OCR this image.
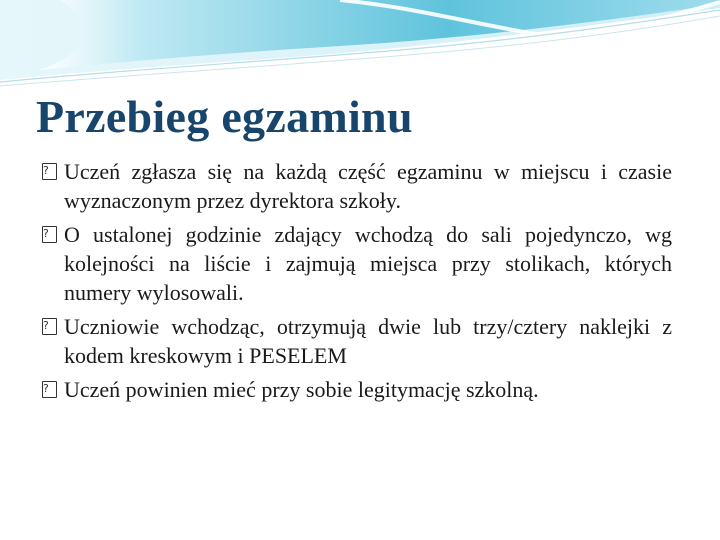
Przebieg egzaminu
? Uczeń zgłasza się na każdą część egzaminu w miejscu i czasie wyznaczonym przez dyrektora szkoły.
? O ustalonej godzinie zdający wchodzą do sali pojedynczo, wg kolejności na liście i zajmują miejsca przy stolikach, których numery wylosowali.
? Uczniowie wchodząc, otrzymują dwie lub trzy/cztery naklejki z kodem kreskowym i PESELEM
? Uczeń powinien mieć przy sobie legitymację szkolną.
